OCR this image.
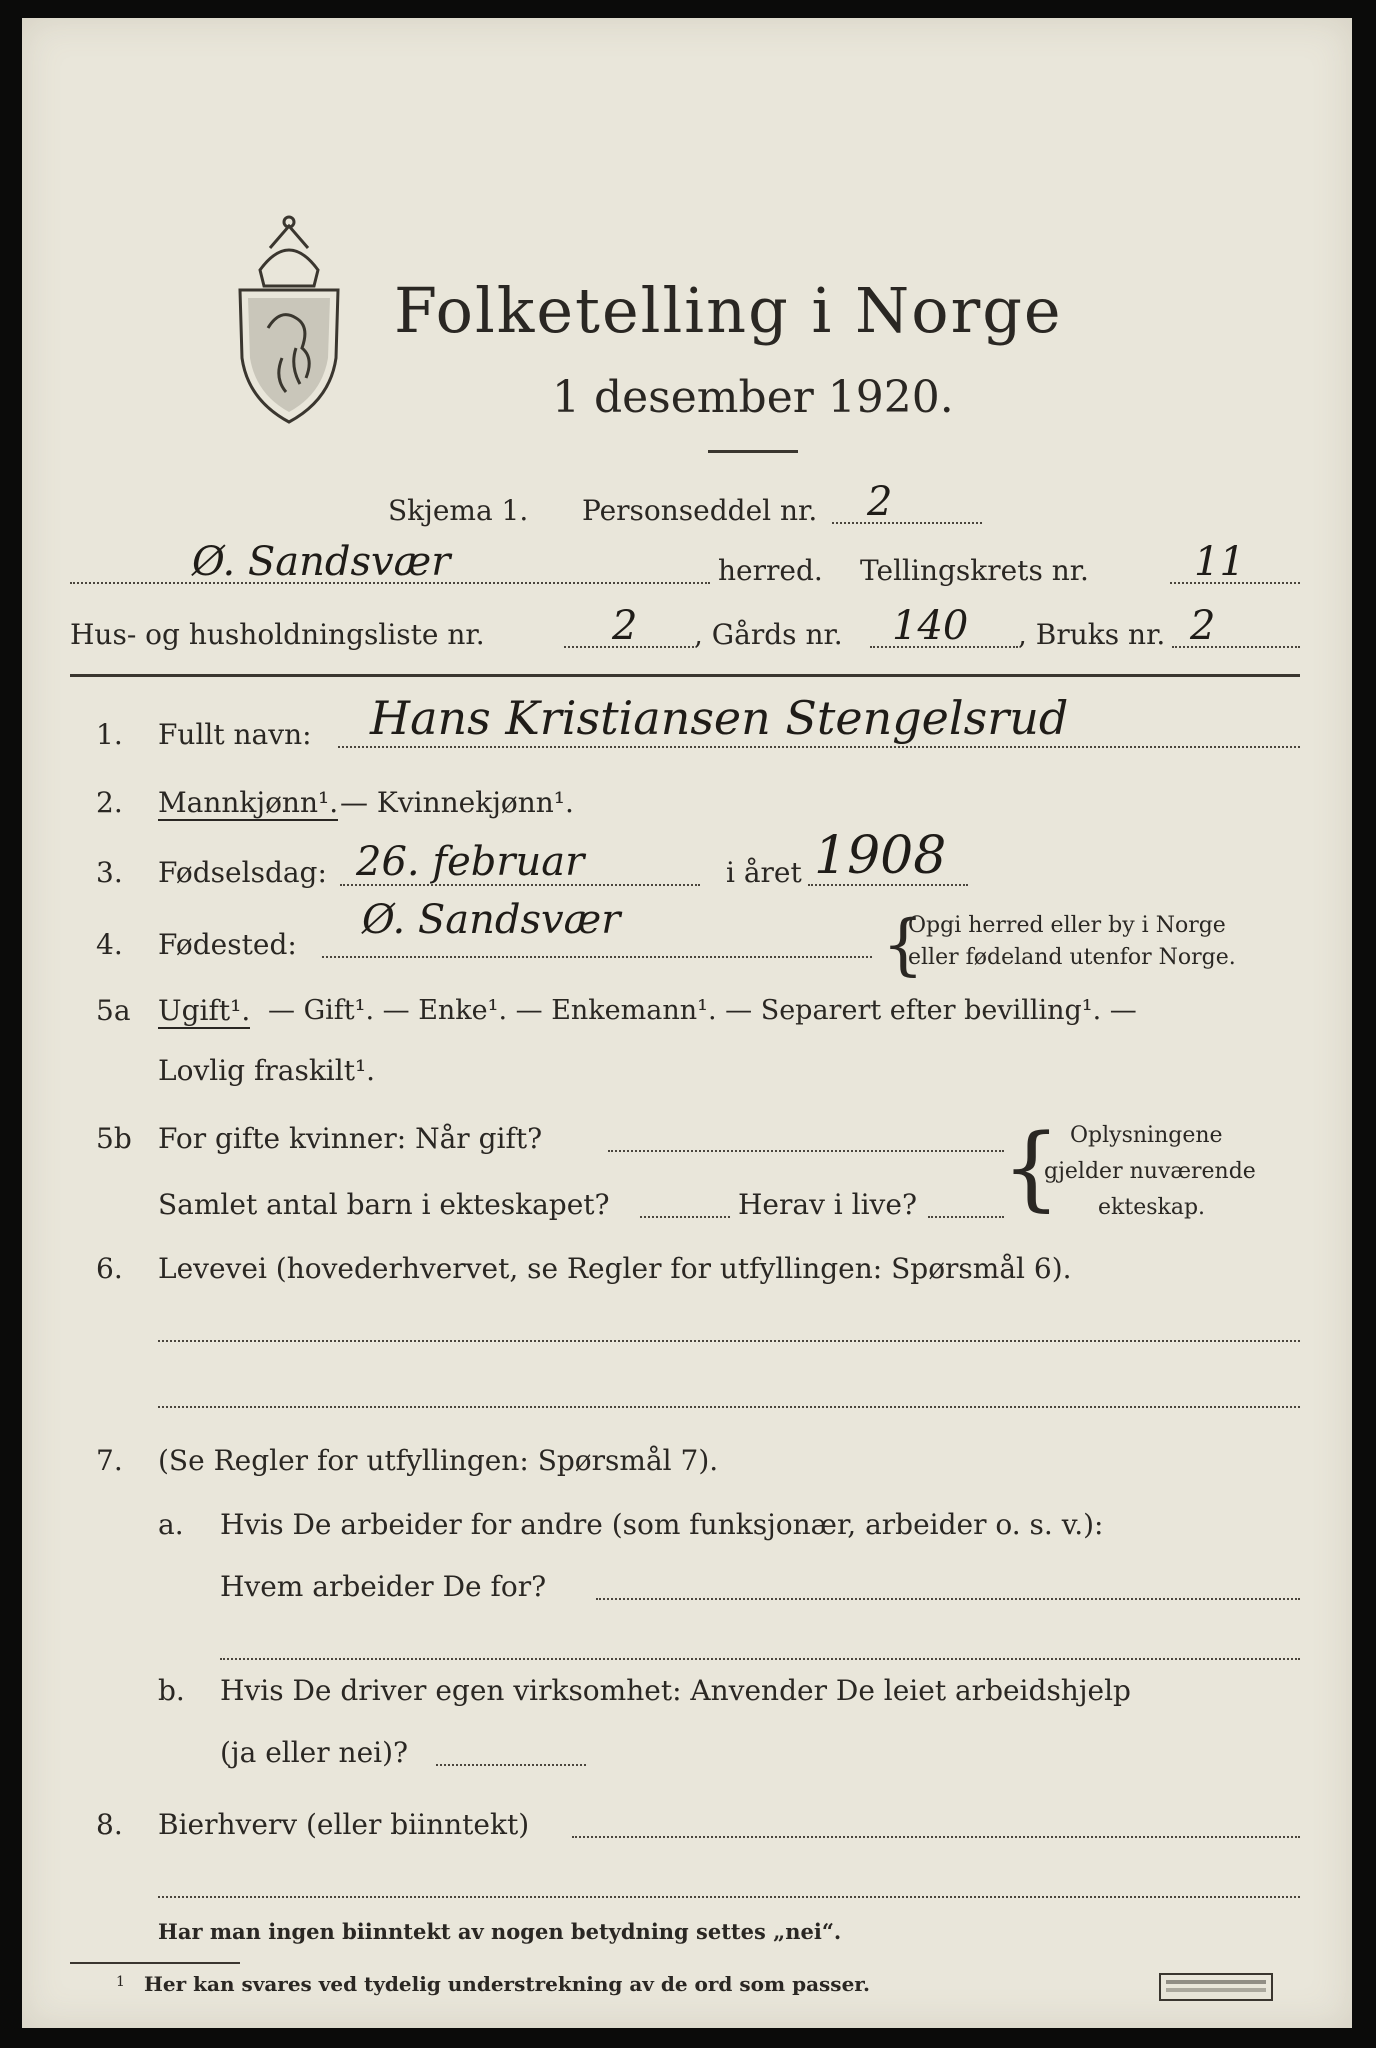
Folketelling i Norge
1 desember 1920.
Skjema 1. Personseddel nr. 2
Ø. Sandsvær	herred. Tellingskrets nr.	11
Hus- og husholdningsliste nr.	2 , Gårds nr. 140 , Bruks nr. 2
1. Fullt navn: Hans Kristiansen Stengelsrud
2. Mannkjønn¹. — Kvinnekjønn¹.
3. Fødselsdag: 26. februar	i året 1908
4. Fødested:
Ø. Sandsvær	{
Opgi herred eller by i Norge
eller fødeland utenfor Norge.
5a Ugift¹. — Gift¹. — Enke¹. — Enkemann¹. — Separert efter bevilling¹. —
Lovlig fraskilt¹.
5b For gifte kvinner: Når gift?
Samlet antal barn i ekteskapet?	Herav i live? { Oplysningene
gjelder nuværende
ekteskap.
6. Levevei (hovederhvervet, se Regler for utfyllingen: Spørsmål 6).
7. (Se Regler for utfyllingen: Spørsmål 7).
a. Hvis De arbeider for andre (som funksjonær, arbeider o. s. v.):
Hvem arbeider De for?
b. Hvis De driver egen virksomhet: Anvender De leiet arbeidshjelp
(ja eller nei)?
8. Bierhverv (eller biinntekt)
Har man ingen biinntekt av nogen betydning settes „nei“.
1 Her kan svares ved tydelig understrekning av de ord som passer.
